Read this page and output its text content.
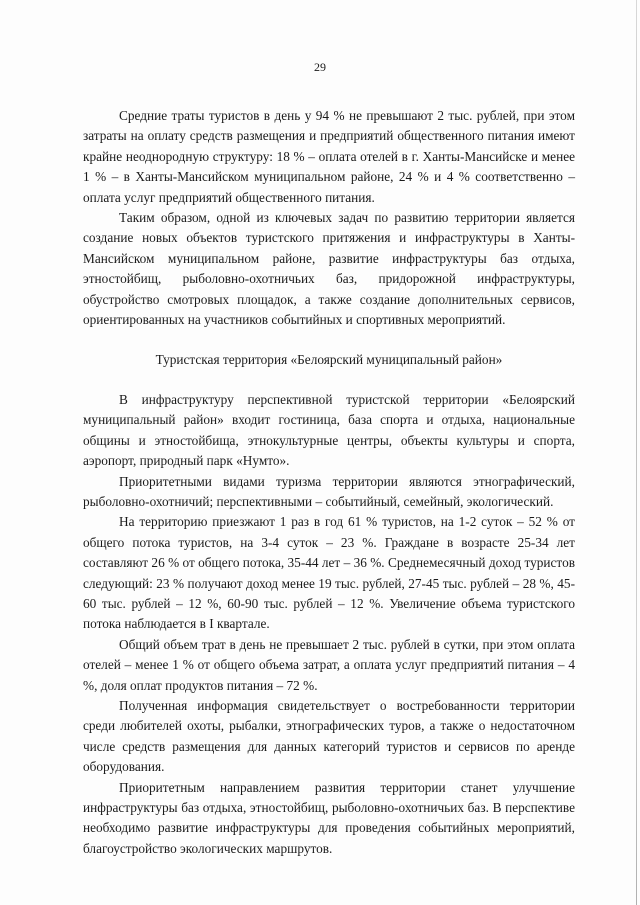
29

Средние траты туристов в день у 94 % не превышают 2 тыс. рублей, при этом затраты на оплату средств размещения и предприятий общественного питания имеют крайне неоднородную структуру: 18 % – оплата отелей в г. Ханты-Мансийске и менее 1 % – в Ханты-Мансийском муниципальном районе, 24 % и 4 % соответственно – оплата услуг предприятий общественного питания.

Таким образом, одной из ключевых задач по развитию территории является создание новых объектов туристского притяжения и инфраструктуры в Ханты-Мансийском муниципальном районе, развитие инфраструктуры баз отдыха, этностойбищ, рыболовно-охотничьих баз, придорожной инфраструктуры, обустройство смотровых площадок, а также создание дополнительных сервисов, ориентированных на участников событийных и спортивных мероприятий.

Туристская территория «Белоярский муниципальный район»

В инфраструктуру перспективной туристской территории «Белоярский муниципальный район» входит гостиница, база спорта и отдыха, национальные общины и этностойбища, этнокультурные центры, объекты культуры и спорта, аэропорт, природный парк «Нумто».

Приоритетными видами туризма территории являются этнографический, рыболовно-охотничий; перспективными – событийный, семейный, экологический.

На территорию приезжают 1 раз в год 61 % туристов, на 1-2 суток – 52 % от общего потока туристов, на 3-4 суток – 23 %. Граждане в возрасте 25-34 лет составляют 26 % от общего потока, 35-44 лет – 36 %. Среднемесячный доход туристов следующий: 23 % получают доход менее 19 тыс. рублей, 27-45 тыс. рублей – 28 %, 45-60 тыс. рублей – 12 %, 60-90 тыс. рублей – 12 %. Увеличение объема туристского потока наблюдается в I квартале.

Общий объем трат в день не превышает 2 тыс. рублей в сутки, при этом оплата отелей – менее 1 % от общего объема затрат, а оплата услуг предприятий питания – 4 %, доля оплат продуктов питания – 72 %.

Полученная информация свидетельствует о востребованности территории среди любителей охоты, рыбалки, этнографических туров, а также о недостаточном числе средств размещения для данных категорий туристов и сервисов по аренде оборудования.

Приоритетным направлением развития территории станет улучшение инфраструктуры баз отдыха, этностойбищ, рыболовно-охотничьих баз. В перспективе необходимо развитие инфраструктуры для проведения событийных мероприятий, благоустройство экологических маршрутов.
